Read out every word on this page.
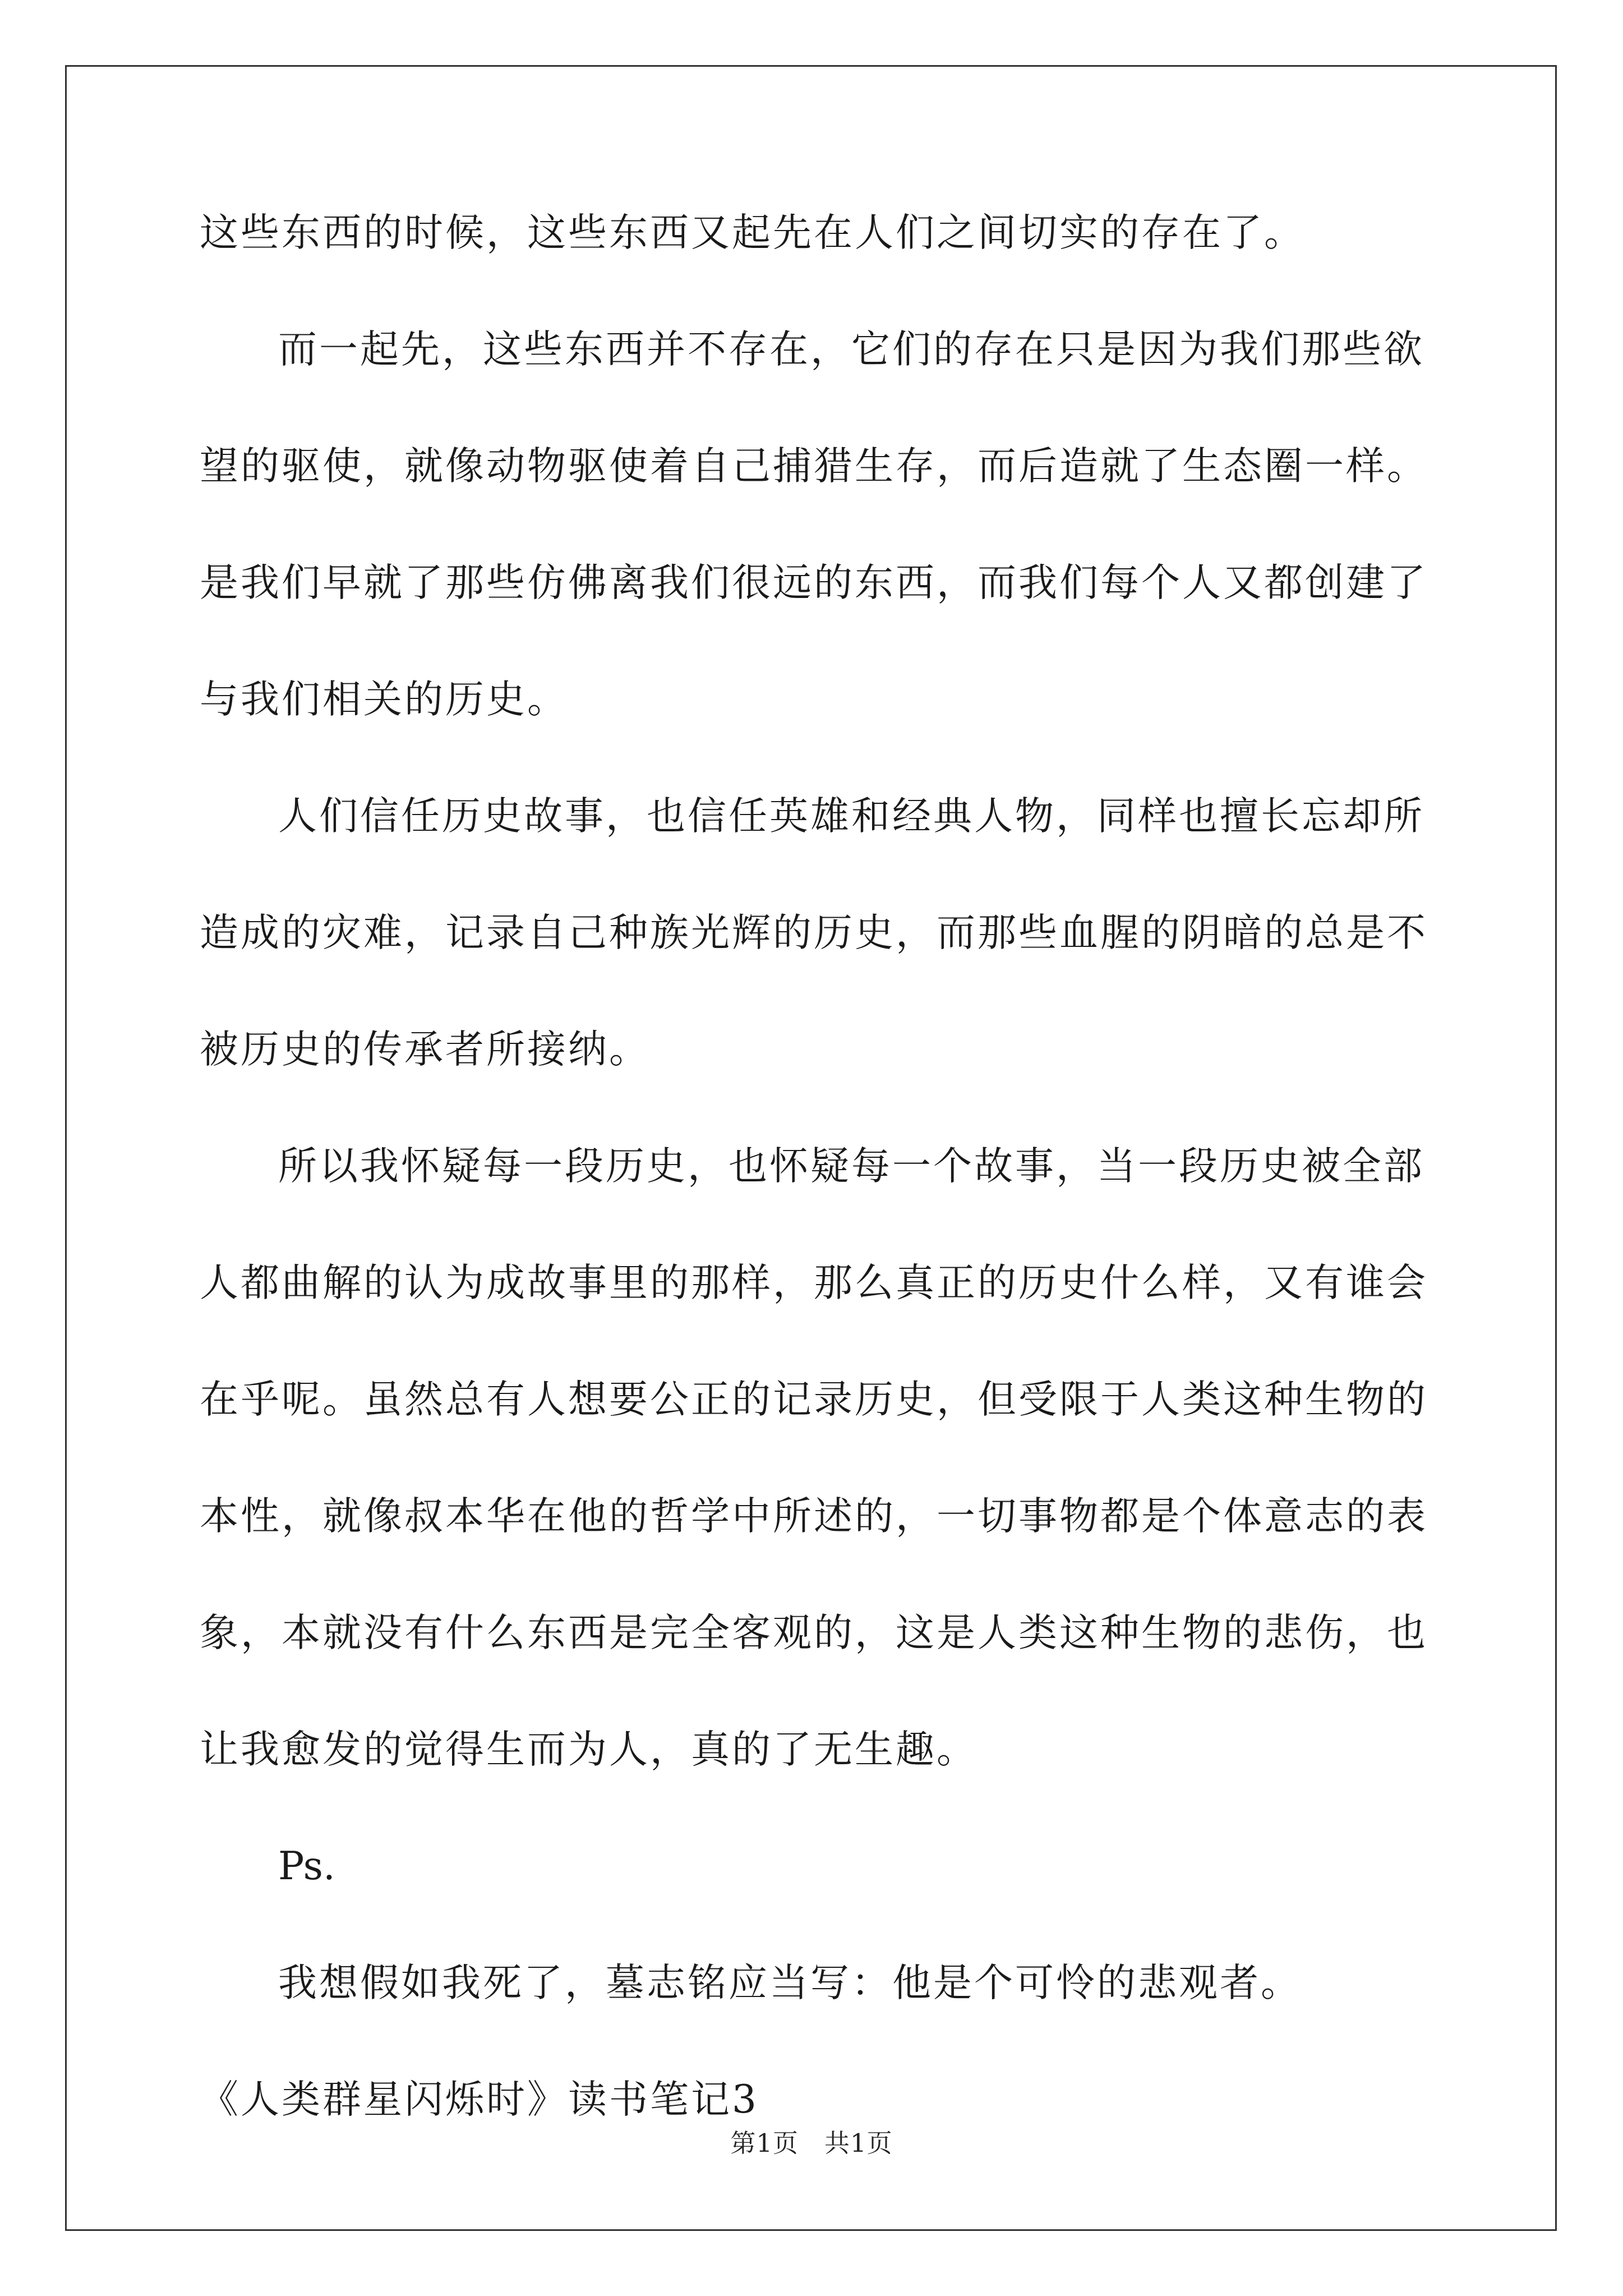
这些东西的时候，这些东西又起先在人们之间切实的存在了。
而一起先，这些东西并不存在，它们的存在只是因为我们那些欲
望的驱使，就像动物驱使着自己捕猎生存，而后造就了生态圈一样。
是我们早就了那些仿佛离我们很远的东西，而我们每个人又都创建了
与我们相关的历史。
人们信任历史故事，也信任英雄和经典人物，同样也擅长忘却所
造成的灾难，记录自己种族光辉的历史，而那些血腥的阴暗的总是不
被历史的传承者所接纳。
所以我怀疑每一段历史，也怀疑每一个故事，当一段历史被全部
人都曲解的认为成故事里的那样，那么真正的历史什么样，又有谁会
在乎呢。虽然总有人想要公正的记录历史，但受限于人类这种生物的
本性，就像叔本华在他的哲学中所述的，一切事物都是个体意志的表
象，本就没有什么东西是完全客观的，这是人类这种生物的悲伤，也
让我愈发的觉得生而为人，真的了无生趣。
Ps.
我想假如我死了，墓志铭应当写：他是个可怜的悲观者。
《人类群星闪烁时》读书笔记3
第1页　共1页
